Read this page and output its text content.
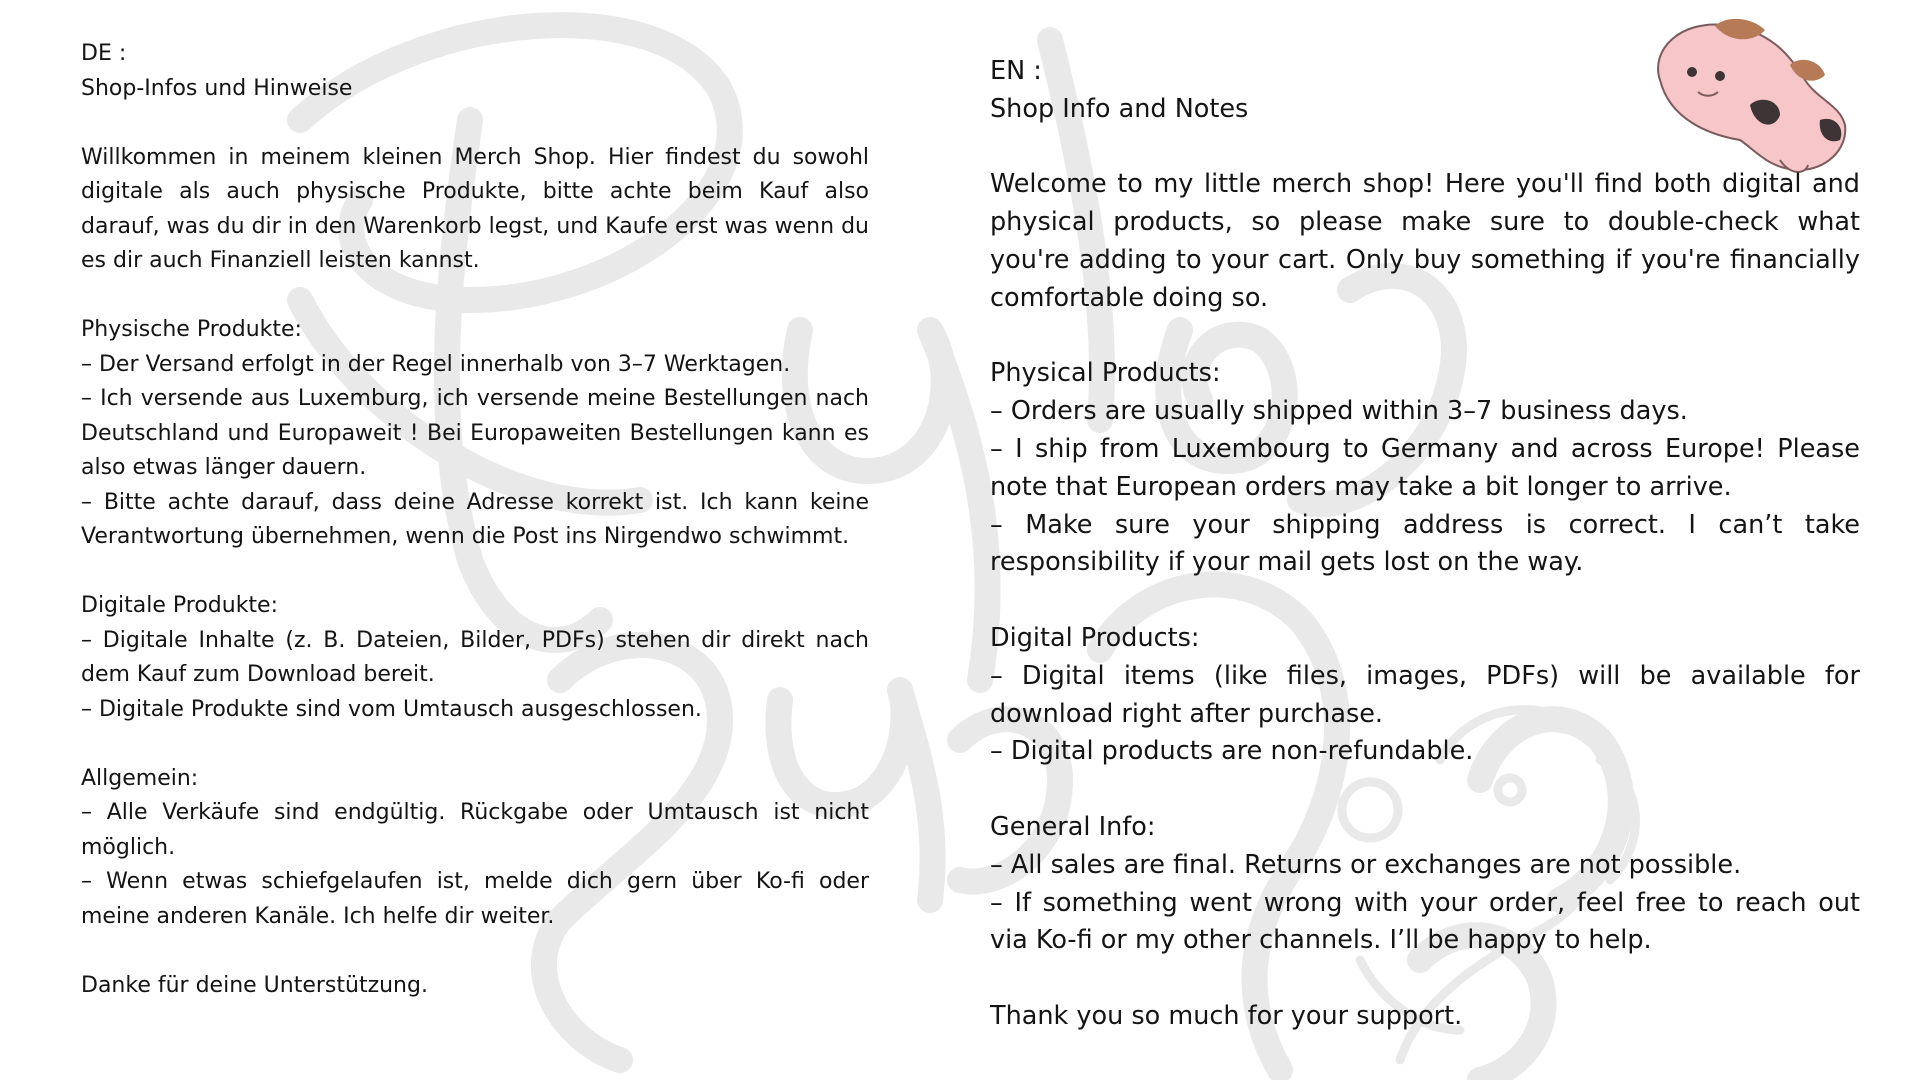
DE :
Shop-Infos und Hinweise

Willkommen in meinem kleinen Merch Shop. Hier findest du sowohl digitale als auch physische Produkte, bitte achte beim Kauf also darauf, was du dir in den Warenkorb legst, und Kaufe erst was wenn du es dir auch Finanziell leisten kannst.

Physische Produkte:

– Der Versand erfolgt in der Regel innerhalb von 3–7 Werktagen.

– Ich versende aus Luxemburg, ich versende meine Bestellungen nach Deutschland und Europaweit ! Bei Europaweiten Bestellungen kann es also etwas länger dauern.

– Bitte achte darauf, dass deine Adresse korrekt ist. Ich kann keine Verantwortung übernehmen, wenn die Post ins Nirgendwo schwimmt.

Digitale Produkte:

– Digitale Inhalte (z. B. Dateien, Bilder, PDFs) stehen dir direkt nach dem Kauf zum Download bereit.

– Digitale Produkte sind vom Umtausch ausgeschlossen.

Allgemein:

– Alle Verkäufe sind endgültig. Rückgabe oder Umtausch ist nicht möglich.

– Wenn etwas schiefgelaufen ist, melde dich gern über Ko-fi oder meine anderen Kanäle. Ich helfe dir weiter.

Danke für deine Unterstützung.
EN :
Shop Info and Notes

Welcome to my little merch shop! Here you'll find both digital and physical products, so please make sure to double-check what you're adding to your cart. Only buy something if you're financially comfortable doing so.

Physical Products:

– Orders are usually shipped within 3–7 business days.

– I ship from Luxembourg to Germany and across Europe! Please note that European orders may take a bit longer to arrive.

– Make sure your shipping address is correct. I can’t take responsibility if your mail gets lost on the way.

Digital Products:

– Digital items (like files, images, PDFs) will be available for download right after purchase.

– Digital products are non-refundable.

General Info:

– All sales are final. Returns or exchanges are not possible.

– If something went wrong with your order, feel free to reach out via Ko-fi or my other channels. I’ll be happy to help.

Thank you so much for your support.
